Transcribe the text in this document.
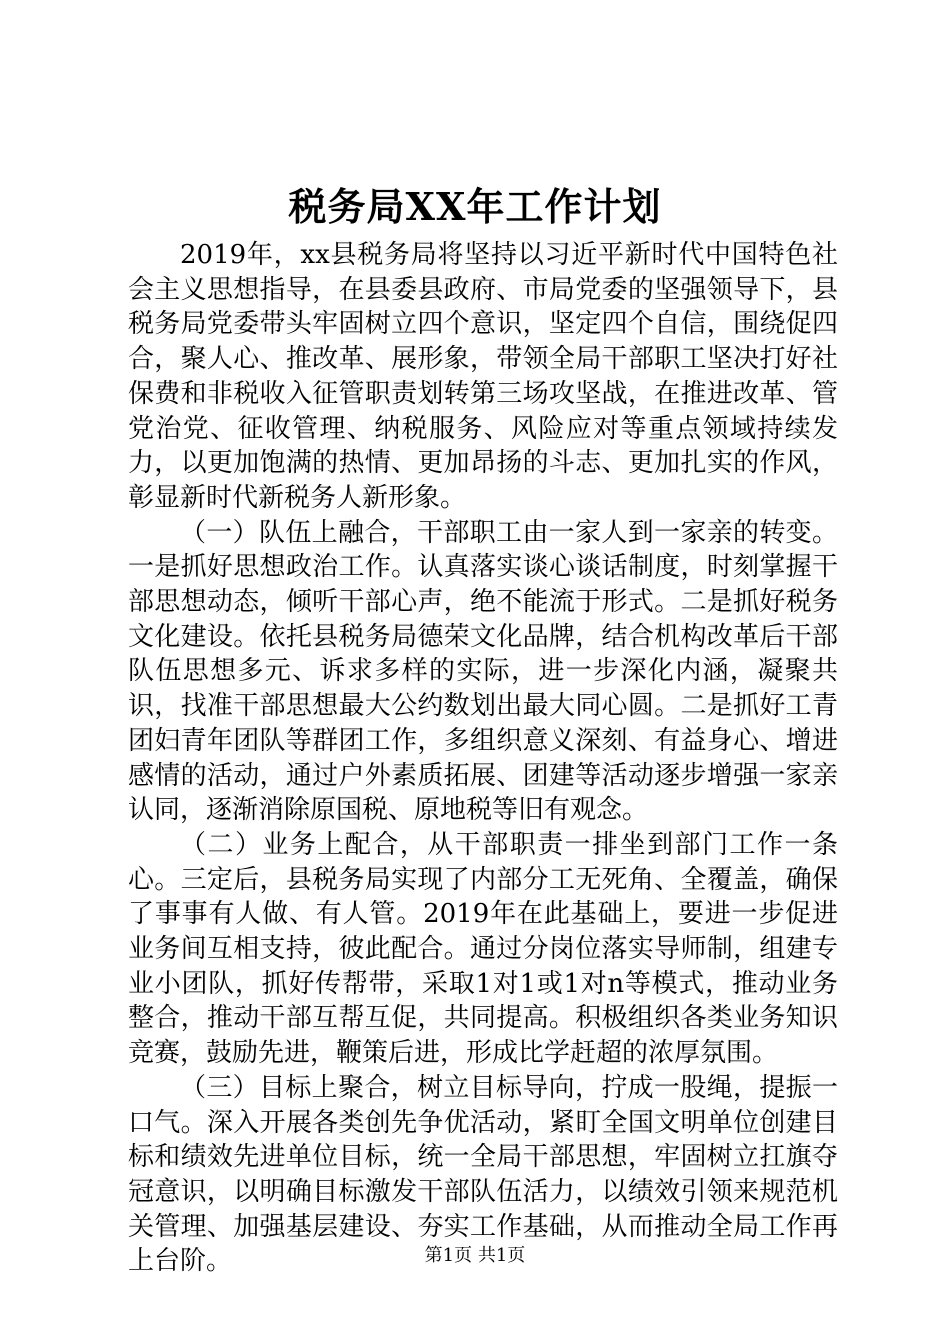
税务局XX年工作计划

2019年，xx县税务局将坚持以习近平新时代中国特色社会主义思想指导，在县委县政府、市局党委的坚强领导下，县税务局党委带头牢固树立四个意识，坚定四个自信，围绕促四合，聚人心、推改革、展形象，带领全局干部职工坚决打好社保费和非税收入征管职责划转第三场攻坚战，在推进改革、管党治党、征收管理、纳税服务、风险应对等重点领域持续发力，以更加饱满的热情、更加昂扬的斗志、更加扎实的作风，彰显新时代新税务人新形象。

（一）队伍上融合，干部职工由一家人到一家亲的转变。一是抓好思想政治工作。认真落实谈心谈话制度，时刻掌握干部思想动态，倾听干部心声，绝不能流于形式。二是抓好税务文化建设。依托县税务局德荣文化品牌，结合机构改革后干部队伍思想多元、诉求多样的实际，进一步深化内涵，凝聚共识，找准干部思想最大公约数划出最大同心圆。二是抓好工青团妇青年团队等群团工作，多组织意义深刻、有益身心、增进感情的活动，通过户外素质拓展、团建等活动逐步增强一家亲认同，逐渐消除原国税、原地税等旧有观念。

（二）业务上配合，从干部职责一排坐到部门工作一条心。三定后，县税务局实现了内部分工无死角、全覆盖，确保了事事有人做、有人管。2019年在此基础上，要进一步促进业务间互相支持，彼此配合。通过分岗位落实导师制，组建专业小团队，抓好传帮带，采取1对1或1对n等模式，推动业务整合，推动干部互帮互促，共同提高。积极组织各类业务知识竞赛，鼓励先进，鞭策后进，形成比学赶超的浓厚氛围。

（三）目标上聚合，树立目标导向，拧成一股绳，提振一口气。深入开展各类创先争优活动，紧盯全国文明单位创建目标和绩效先进单位目标，统一全局干部思想，牢固树立扛旗夺冠意识，以明确目标激发干部队伍活力，以绩效引领来规范机关管理、加强基层建设、夯实工作基础，从而推动全局工作再上台阶。	第1页 共1页
